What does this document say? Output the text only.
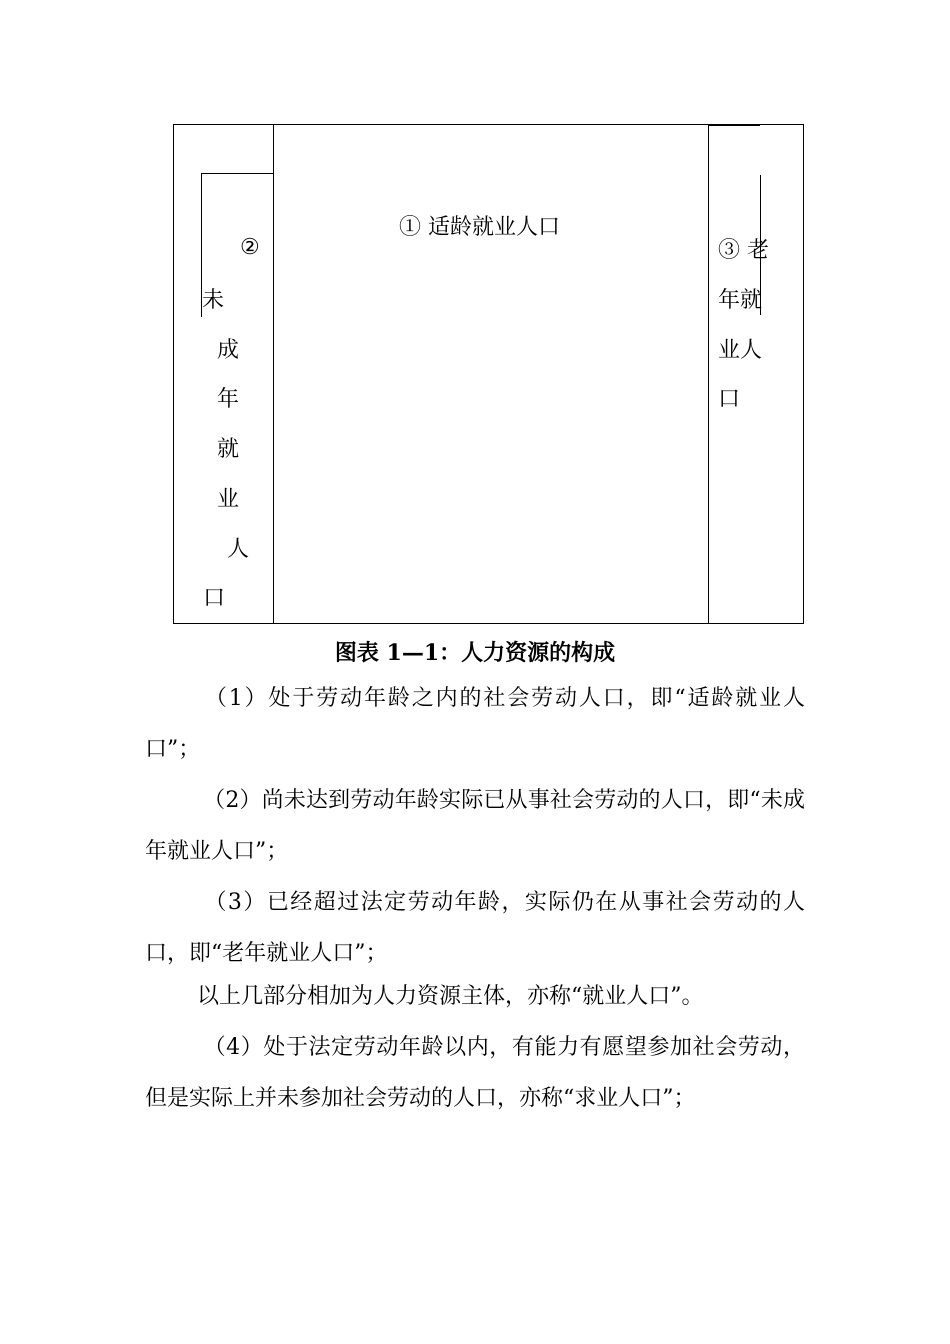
① 适龄就业人口
②
未
成
年
就
业
人
口
③ 老
年就
业人
口
图表 1—1：人力资源的构成
（1）处于劳动年龄之内的社会劳动人口，即“适龄就业人口”；
（2）尚未达到劳动年龄实际已从事社会劳动的人口，即“未成年就业人口”；
（3）已经超过法定劳动年龄，实际仍在从事社会劳动的人口，即“老年就业人口”；
以上几部分相加为人力资源主体，亦称“就业人口”。
（4）处于法定劳动年龄以内，有能力有愿望参加社会劳动，但是实际上并未参加社会劳动的人口，亦称“求业人口”；
